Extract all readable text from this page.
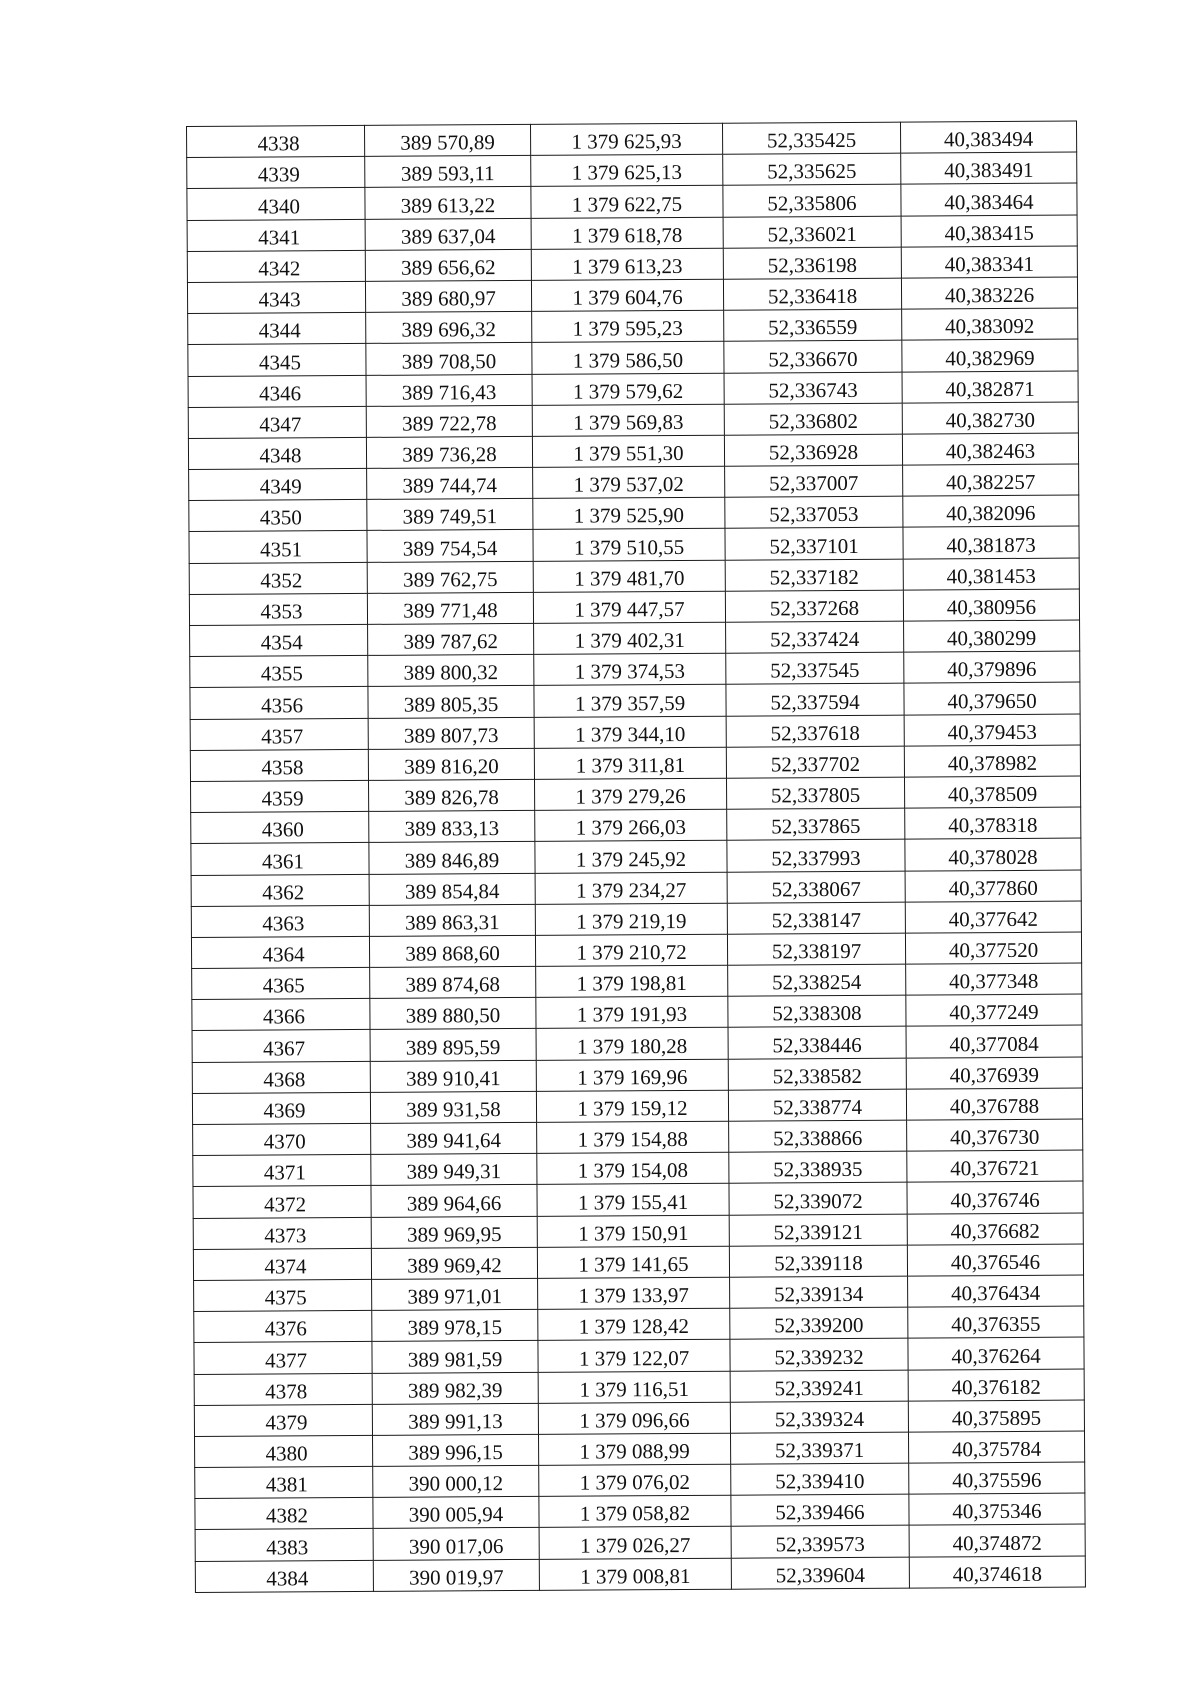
4338	389 570,89	1 379 625,93	52,335425	40,383494
4339	389 593,11	1 379 625,13	52,335625	40,383491
4340	389 613,22	1 379 622,75	52,335806	40,383464
4341	389 637,04	1 379 618,78	52,336021	40,383415
4342	389 656,62	1 379 613,23	52,336198	40,383341
4343	389 680,97	1 379 604,76	52,336418	40,383226
4344	389 696,32	1 379 595,23	52,336559	40,383092
4345	389 708,50	1 379 586,50	52,336670	40,382969
4346	389 716,43	1 379 579,62	52,336743	40,382871
4347	389 722,78	1 379 569,83	52,336802	40,382730
4348	389 736,28	1 379 551,30	52,336928	40,382463
4349	389 744,74	1 379 537,02	52,337007	40,382257
4350	389 749,51	1 379 525,90	52,337053	40,382096
4351	389 754,54	1 379 510,55	52,337101	40,381873
4352	389 762,75	1 379 481,70	52,337182	40,381453
4353	389 771,48	1 379 447,57	52,337268	40,380956
4354	389 787,62	1 379 402,31	52,337424	40,380299
4355	389 800,32	1 379 374,53	52,337545	40,379896
4356	389 805,35	1 379 357,59	52,337594	40,379650
4357	389 807,73	1 379 344,10	52,337618	40,379453
4358	389 816,20	1 379 311,81	52,337702	40,378982
4359	389 826,78	1 379 279,26	52,337805	40,378509
4360	389 833,13	1 379 266,03	52,337865	40,378318
4361	389 846,89	1 379 245,92	52,337993	40,378028
4362	389 854,84	1 379 234,27	52,338067	40,377860
4363	389 863,31	1 379 219,19	52,338147	40,377642
4364	389 868,60	1 379 210,72	52,338197	40,377520
4365	389 874,68	1 379 198,81	52,338254	40,377348
4366	389 880,50	1 379 191,93	52,338308	40,377249
4367	389 895,59	1 379 180,28	52,338446	40,377084
4368	389 910,41	1 379 169,96	52,338582	40,376939
4369	389 931,58	1 379 159,12	52,338774	40,376788
4370	389 941,64	1 379 154,88	52,338866	40,376730
4371	389 949,31	1 379 154,08	52,338935	40,376721
4372	389 964,66	1 379 155,41	52,339072	40,376746
4373	389 969,95	1 379 150,91	52,339121	40,376682
4374	389 969,42	1 379 141,65	52,339118	40,376546
4375	389 971,01	1 379 133,97	52,339134	40,376434
4376	389 978,15	1 379 128,42	52,339200	40,376355
4377	389 981,59	1 379 122,07	52,339232	40,376264
4378	389 982,39	1 379 116,51	52,339241	40,376182
4379	389 991,13	1 379 096,66	52,339324	40,375895
4380	389 996,15	1 379 088,99	52,339371	40,375784
4381	390 000,12	1 379 076,02	52,339410	40,375596
4382	390 005,94	1 379 058,82	52,339466	40,375346
4383	390 017,06	1 379 026,27	52,339573	40,374872
4384	390 019,97	1 379 008,81	52,339604	40,374618
